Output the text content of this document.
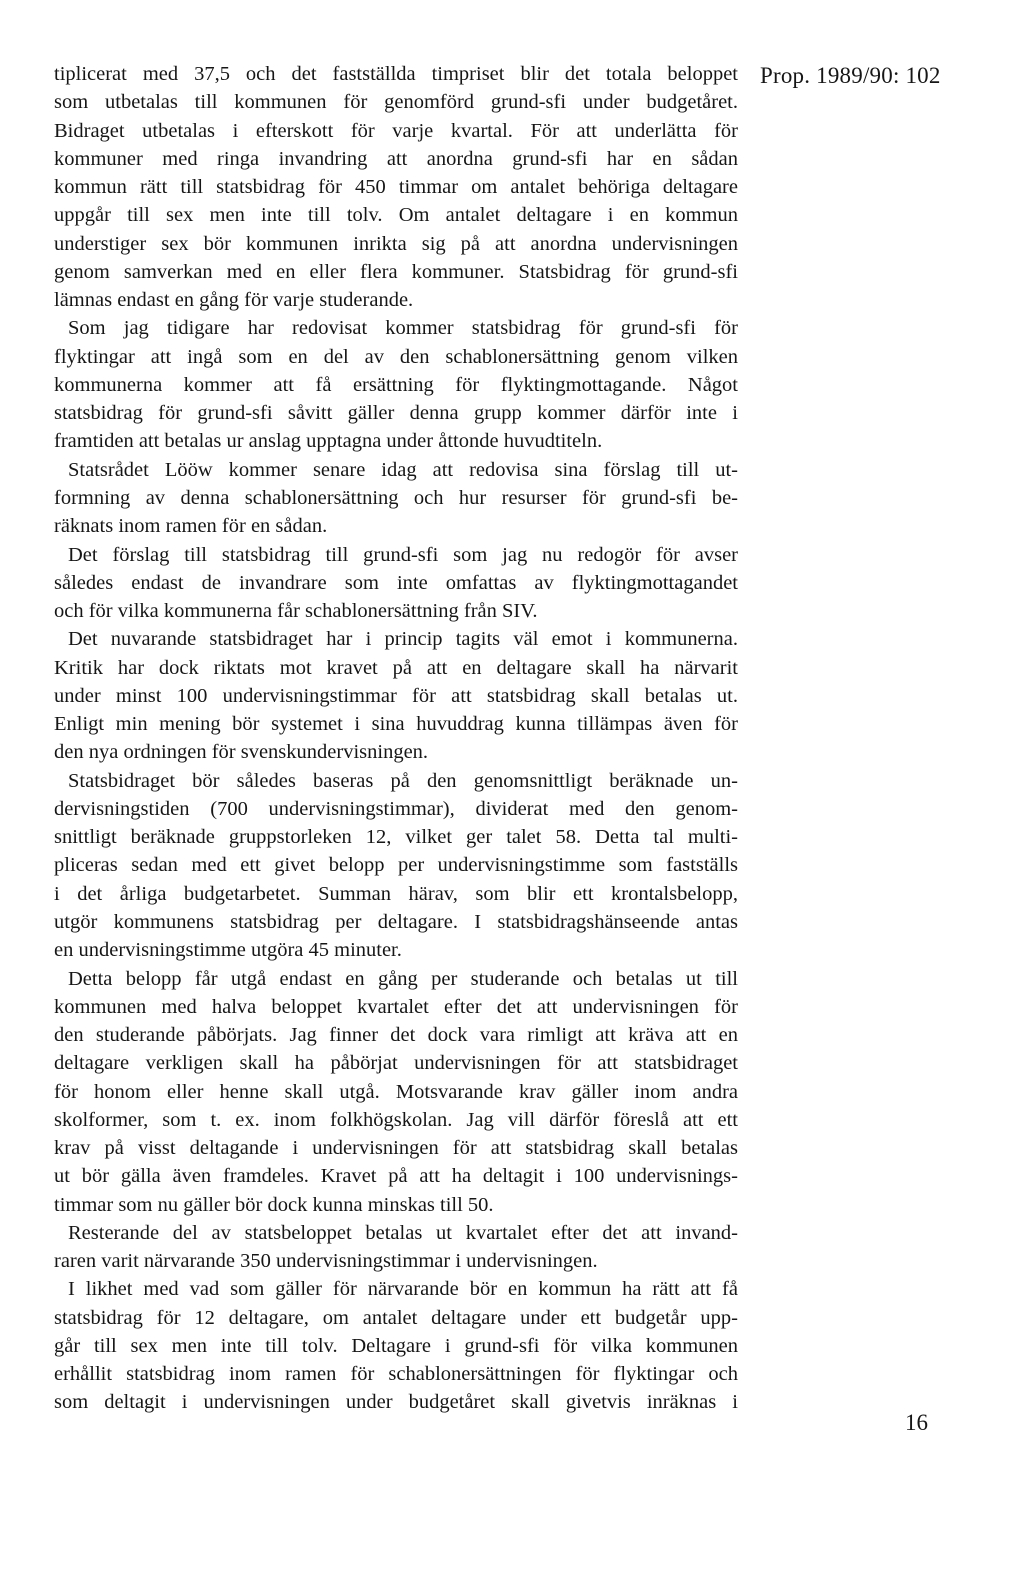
Prop. 1989/90: 102
tiplicerat med 37,5 och det fastställda timpriset blir det totala beloppet
som utbetalas till kommunen för genomförd grund-sfi under budgetåret.
Bidraget utbetalas i efterskott för varje kvartal. För att underlätta för
kommuner med ringa invandring att anordna grund-sfi har en sådan
kommun rätt till statsbidrag för 450 timmar om antalet behöriga deltagare
uppgår till sex men inte till tolv. Om antalet deltagare i en kommun
understiger sex bör kommunen inrikta sig på att anordna undervisningen
genom samverkan med en eller flera kommuner. Statsbidrag för grund-sfi
lämnas endast en gång för varje studerande.
Som jag tidigare har redovisat kommer statsbidrag för grund-sfi för
flyktingar att ingå som en del av den schablonersättning genom vilken
kommunerna kommer att få ersättning för flyktingmottagande. Något
statsbidrag för grund-sfi såvitt gäller denna grupp kommer därför inte i
framtiden att betalas ur anslag upptagna under åttonde huvudtiteln.
Statsrådet Lööw kommer senare idag att redovisa sina förslag till ut-
formning av denna schablonersättning och hur resurser för grund-sfi be-
räknats inom ramen för en sådan.
Det förslag till statsbidrag till grund-sfi som jag nu redogör för avser
således endast de invandrare som inte omfattas av flyktingmottagandet
och för vilka kommunerna får schablonersättning från SIV.
Det nuvarande statsbidraget har i princip tagits väl emot i kommunerna.
Kritik har dock riktats mot kravet på att en deltagare skall ha närvarit
under minst 100 undervisningstimmar för att statsbidrag skall betalas ut.
Enligt min mening bör systemet i sina huvuddrag kunna tillämpas även för
den nya ordningen för svenskundervisningen.
Statsbidraget bör således baseras på den genomsnittligt beräknade un-
dervisningstiden (700 undervisningstimmar), dividerat med den genom-
snittligt beräknade gruppstorleken 12, vilket ger talet 58. Detta tal multi-
pliceras sedan med ett givet belopp per undervisningstimme som fastställs
i det årliga budgetarbetet. Summan härav, som blir ett krontalsbelopp,
utgör kommunens statsbidrag per deltagare. I statsbidragshänseende antas
en undervisningstimme utgöra 45 minuter.
Detta belopp får utgå endast en gång per studerande och betalas ut till
kommunen med halva beloppet kvartalet efter det att undervisningen för
den studerande påbörjats. Jag finner det dock vara rimligt att kräva att en
deltagare verkligen skall ha påbörjat undervisningen för att statsbidraget
för honom eller henne skall utgå. Motsvarande krav gäller inom andra
skolformer, som t. ex. inom folkhögskolan. Jag vill därför föreslå att ett
krav på visst deltagande i undervisningen för att statsbidrag skall betalas
ut bör gälla även framdeles. Kravet på att ha deltagit i 100 undervisnings-
timmar som nu gäller bör dock kunna minskas till 50.
Resterande del av statsbeloppet betalas ut kvartalet efter det att invand-
raren varit närvarande 350 undervisningstimmar i undervisningen.
I likhet med vad som gäller för närvarande bör en kommun ha rätt att få
statsbidrag för 12 deltagare, om antalet deltagare under ett budgetår upp-
går till sex men inte till tolv. Deltagare i grund-sfi för vilka kommunen
erhållit statsbidrag inom ramen för schablonersättningen för flyktingar och
som deltagit i undervisningen under budgetåret skall givetvis inräknas i
16
